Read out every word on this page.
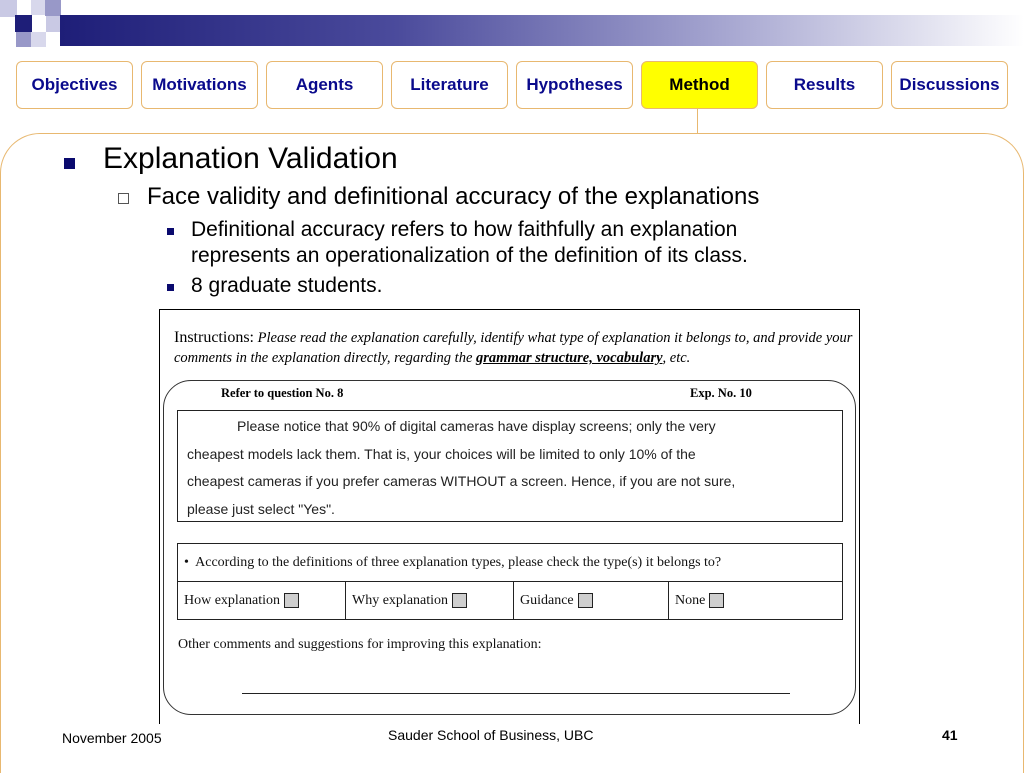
Objectives	Motivations	Agents	Literature	Hypotheses	Method	Results	Discussions
Explanation Validation
Face validity and definitional accuracy of the explanations
Definitional accuracy refers to how faithfully an explanation
represents an operationalization of the definition of its class.
8 graduate students.
Instructions: Please read the explanation carefully, identify what type of explanation it belongs to, and provide your comments in the explanation directly, regarding the grammar structure, vocabulary, etc.
Refer to question No. 8	Exp. No. 10
Please notice that 90% of digital cameras have display screens; only the very
cheapest models lack them. That is, your choices will be limited to only 10% of the
cheapest cameras if you prefer cameras WITHOUT a screen. Hence, if you are not sure,
please just select "Yes".
•  According to the definitions of three explanation types, please check the type(s) it belongs to?
How explanation	Why explanation	Guidance	None
Other comments and suggestions for improving this explanation:
November 2005	Sauder School of Business, UBC	41
